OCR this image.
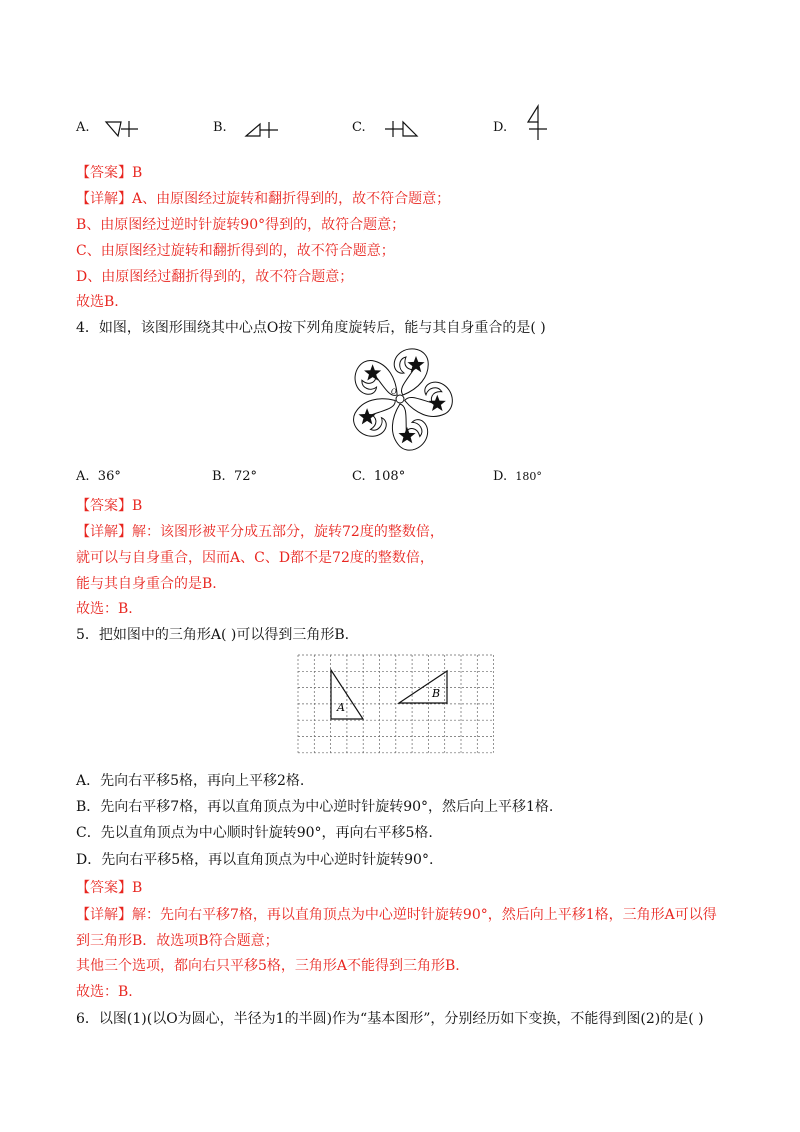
A.	B.	C.	D.
【答案】B
【详解】A、由原图经过旋转和翻折得到的，故不符合题意；
B、由原图经过逆时针旋转90°得到的，故符合题意；
C、由原图经过旋转和翻折得到的，故不符合题意；
D、由原图经过翻折得到的，故不符合题意；
故选B.
4．如图，该图形围绕其中心点O按下列角度旋转后，能与其自身重合的是( )
O
A. 36°	B. 72°	C. 108°	D. 180°
【答案】B
【详解】解：该图形被平分成五部分，旋转72度的整数倍，
就可以与自身重合，因而A、C、D都不是72度的整数倍，
能与其自身重合的是B.
故选：B.
5．把如图中的三角形A( )可以得到三角形B.
A
B
A．先向右平移5格，再向上平移2格.
B．先向右平移7格，再以直角顶点为中心逆时针旋转90°，然后向上平移1格.
C．先以直角顶点为中心顺时针旋转90°，再向右平移5格.
D．先向右平移5格，再以直角顶点为中心逆时针旋转90°.
【答案】B
【详解】解：先向右平移7格，再以直角顶点为中心逆时针旋转90°，然后向上平移1格，三角形A可以得
到三角形B．故选项B符合题意；
其他三个选项，都向右只平移5格，三角形A不能得到三角形B.
故选：B.
6．以图(1)(以O为圆心，半径为1的半圆)作为“基本图形”，分别经历如下变换，不能得到图(2)的是( )
